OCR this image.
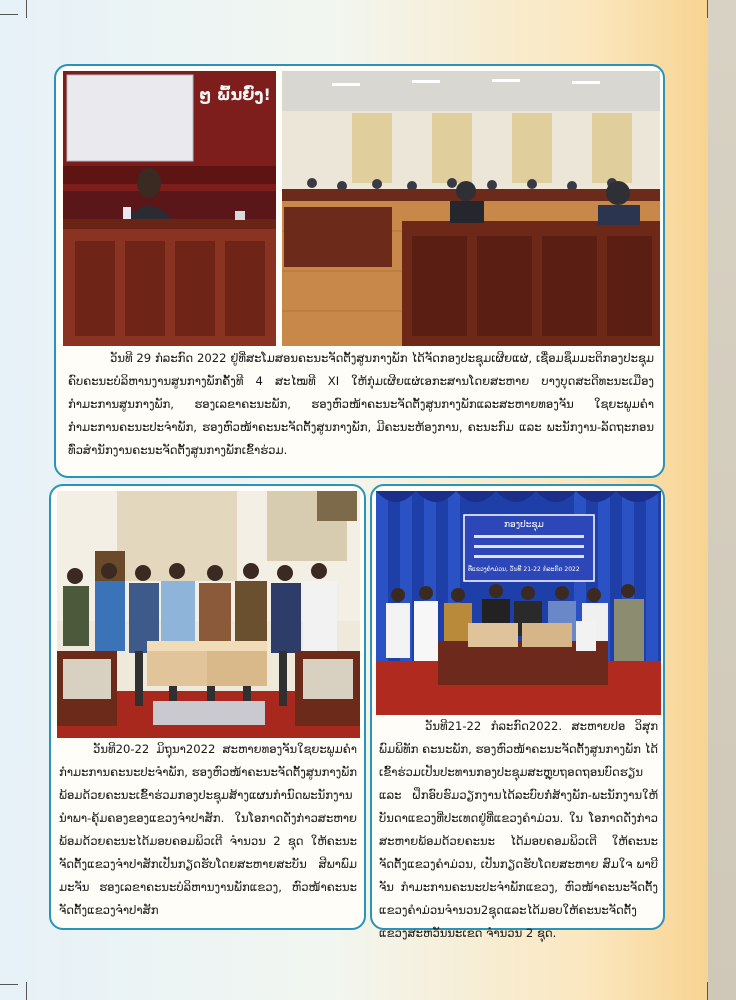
ໆ ພົ້ນຍົ່ງ!
ວັນທີ 29 ກໍລະກົດ 2022 ຢູ່ທີ່ສະໂມສອນຄະນະຈັດຕັ້ງສູນກາງພັກ ໄດ້ຈັດກອງປະຊຸມເຜີຍແຜ່, ເຊື່ອມຊຶມມະຕິກອງປະຊຸມຄົບຄະນະບໍລິຫານງານສູນກາງພັກຄັ້ງທີ 4 ສະໄໝທີ XI ໃຫ້ກຸ່ມເຜີຍແຜ່ເອກະສານໂດຍສະຫາຍ ບາງບຸດສະດີທະນະເມືອງ ກຳມະການສູນກາງພັກ, ຮອງເລຂາຄະນະພັກ, ຮອງຫົວໜ້າຄະນະຈັດຕັ້ງສູນກາງພັກແລະສະຫາຍທອງຈັນ ໃຊຍະພູມຄຳ ກຳມະການຄະນະປະຈຳພັກ, ຮອງຫົວໜ້າຄະນະຈັດຕັ້ງສູນກາງພັກ, ມີຄະນະຫ້ອງການ, ຄະນະກົມ ແລະ ພະນັກງານ-ລັດຖະກອນທົ່ວສຳນັກງານຄະນະຈັດຕັ້ງສູນກາງພັກເຂົ້າຮ່ວມ.
ວັນທີ20-22 ມິຖຸນາ2022 ສະຫາຍທອງຈັນໃຊຍະພູມຄຳ ກຳມະການຄະນະປະຈຳພັກ, ຮອງຫົວໜ້າຄະນະຈັດຕັ້ງສູນກາງພັກພ້ອມດ້ວຍຄະນະເຂົ້າຮ່ວມກອງປະຊຸມສ້າງແຜນກຳນົດພະນັກງານນຳພາ-ຄຸ້ມຄອງຂອງແຂວງຈຳປາສັກ. ໃນໂອກາດດັ່ງກ່າວສະຫາຍພ້ອມດ້ວຍຄະນະໄດ້ມອບຄອມພິວເຕີ ຈຳນວນ 2 ຊຸດ ໃຫ້ຄະນະຈັດຕັ້ງແຂວງຈຳປາສັກເປັນກຽດຮັບໂດຍສະຫາຍສະບັນ ສີພາພົມມະຈັນ ຮອງເລຂາຄະນະບໍລິຫານງານພັກແຂວງ, ຫົວໜ້າຄະນະຈັດຕັ້ງແຂວງຈຳປາສັກ
ກອງປະຊຸມ
ທີ່ແຂວງຄຳມ່ວນ, ວັນທີ 21-22 ກໍລະກົດ 2022
ວັນທີ21-22 ກໍລະກົດ2022. ສະຫາຍປອ ວິສຸກ ພົມພິທັກ ຄະນະພັກ, ຮອງຫົວໜ້າຄະນະຈັດຕັ້ງສູນກາງພັກ ໄດ້ເຂົ້າຮ່ວມເປັນປະທານກອງປະຊຸມສະຫຼຸບຖອດຖອນບົດຮຽນ ແລະ ຝຶກອົບຮົມວຽກງານໄດ້ລະບົບກໍ່ສ້າງພັກ-ພະນັກງານໃຫ້ບັນດາແຂວງທີ່ປະເທດຢູ່ທີ່ແຂວງຄຳມ່ວນ. ໃນ ໂອກາດດັ່ງກ່າວ ສະຫາຍພ້ອມດ້ວຍຄະນະ ໄດ້ມອບຄອມພິວເຕີ ໃຫ້ຄະນະຈັດຕັ້ງແຂວງຄຳມ່ວນ, ເປັນກຽດຮັບໂດຍສະຫາຍ ສົມໃຈ ພາບີຈັນ ກຳມະການຄະນະປະຈຳພັກແຂວງ, ຫົວໜ້າຄະນະຈັດຕັ້ງແຂວງຄຳມ່ວນຈຳນວນ2ຊຸດແລະໄດ້ມອບໃຫ້ຄະນະຈັດຕັ້ງແຂວງສະຫວັນນະເຂດ ຈຳນວນ 2 ຊຸດ.
